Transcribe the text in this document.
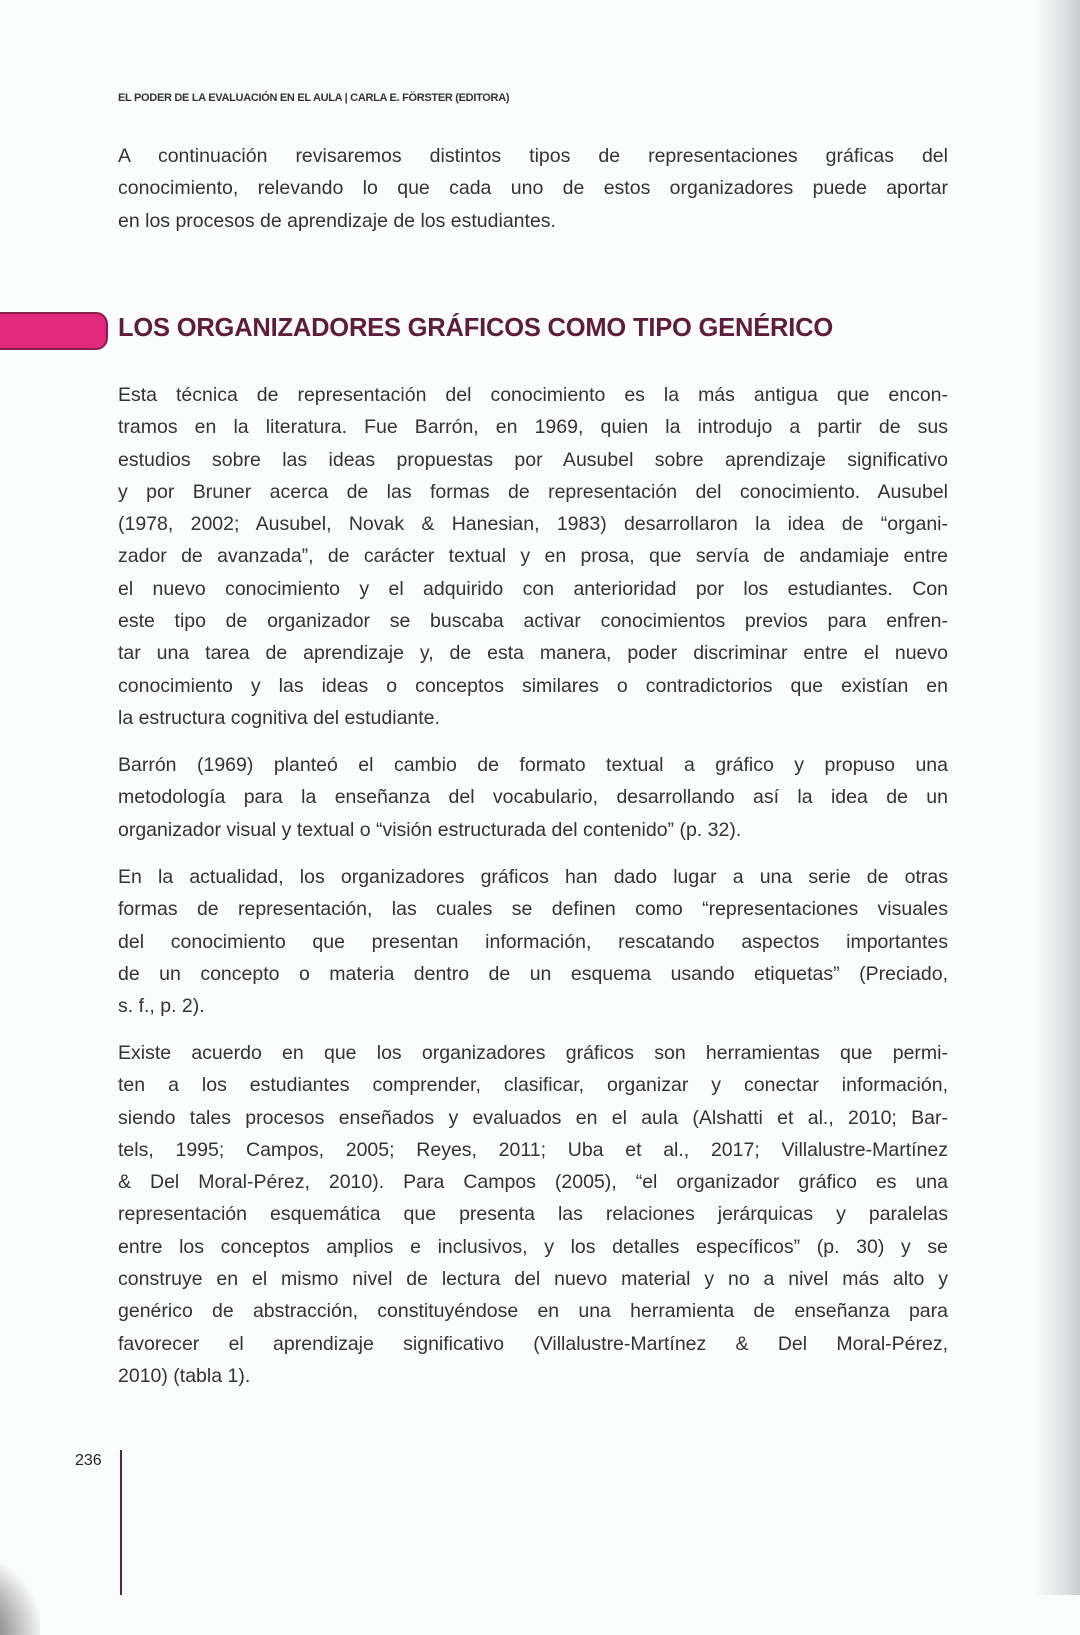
EL PODER DE LA EVALUACIÓN EN EL AULA | CARLA E. FÖRSTER (EDITORA)
A continuación revisaremos distintos tipos de representaciones gráficas del
conocimiento, relevando lo que cada uno de estos organizadores puede aportar
en los procesos de aprendizaje de los estudiantes.
LOS ORGANIZADORES GRÁFICOS COMO TIPO GENÉRICO
Esta técnica de representación del conocimiento es la más antigua que encon-
tramos en la literatura. Fue Barrón, en 1969, quien la introdujo a partir de sus
estudios sobre las ideas propuestas por Ausubel sobre aprendizaje significativo
y por Bruner acerca de las formas de representación del conocimiento. Ausubel
(1978, 2002; Ausubel, Novak & Hanesian, 1983) desarrollaron la idea de “organi-
zador de avanzada”, de carácter textual y en prosa, que servía de andamiaje entre
el nuevo conocimiento y el adquirido con anterioridad por los estudiantes. Con
este tipo de organizador se buscaba activar conocimientos previos para enfren-
tar una tarea de aprendizaje y, de esta manera, poder discriminar entre el nuevo
conocimiento y las ideas o conceptos similares o contradictorios que existían en
la estructura cognitiva del estudiante.
Barrón (1969) planteó el cambio de formato textual a gráfico y propuso una
metodología para la enseñanza del vocabulario, desarrollando así la idea de un
organizador visual y textual o “visión estructurada del contenido” (p. 32).
En la actualidad, los organizadores gráficos han dado lugar a una serie de otras
formas de representación, las cuales se definen como “representaciones visuales
del conocimiento que presentan información, rescatando aspectos importantes
de un concepto o materia dentro de un esquema usando etiquetas” (Preciado,
s. f., p. 2).
Existe acuerdo en que los organizadores gráficos son herramientas que permi-
ten a los estudiantes comprender, clasificar, organizar y conectar información,
siendo tales procesos enseñados y evaluados en el aula (Alshatti et al., 2010; Bar-
tels, 1995; Campos, 2005; Reyes, 2011; Uba et al., 2017; Villalustre-Martínez
& Del Moral-Pérez, 2010). Para Campos (2005), “el organizador gráfico es una
representación esquemática que presenta las relaciones jerárquicas y paralelas
entre los conceptos amplios e inclusivos, y los detalles específicos” (p. 30) y se
construye en el mismo nivel de lectura del nuevo material y no a nivel más alto y
genérico de abstracción, constituyéndose en una herramienta de enseñanza para
favorecer el aprendizaje significativo (Villalustre-Martínez & Del Moral-Pérez,
2010) (tabla 1).
236
